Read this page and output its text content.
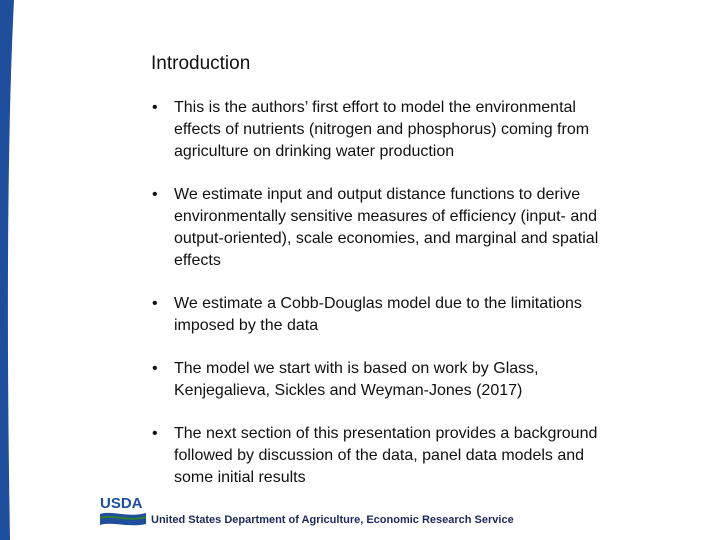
Introduction
• This is the authors’ first effort to model the environmental effects of nutrients (nitrogen and phosphorus) coming from agriculture on drinking water production
• We estimate input and output distance functions to derive environmentally sensitive measures of efficiency (input- and output-oriented), scale economies, and marginal and spatial effects
• We estimate a Cobb-Douglas model due to the limitations imposed by the data
• The model we start with is based on work by Glass, Kenjegalieva, Sickles and Weyman-Jones (2017)
• The next section of this presentation provides a background followed by discussion of the data, panel data models and some initial results
USDA
United States Department of Agriculture, Economic Research Service
